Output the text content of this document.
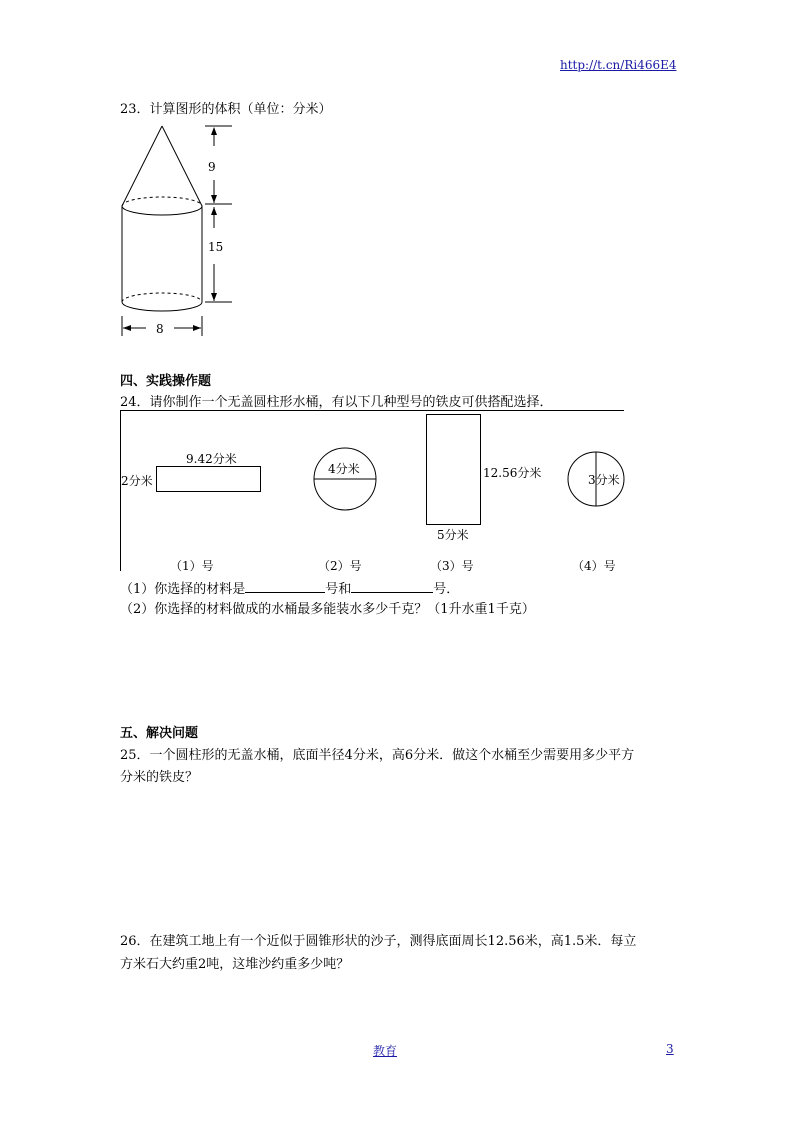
http://t.cn/Ri466E4
23．计算图形的体积（单位：分米）
9
15
8
四、实践操作题
24．请你制作一个无盖圆柱形水桶，有以下几种型号的铁皮可供搭配选择．
9.42分米
2分米
4分米	12.56分米
5分米
3分米
（1）号	（2）号	（3）号	（4）号
（1）你选择的材料是	号和	号．
（2）你选择的材料做成的水桶最多能装水多少千克？（1升水重1千克）
五、解决问题
25．一个圆柱形的无盖水桶，底面半径4分米，高6分米．做这个水桶至少需要用多少平方
分米的铁皮？
26．在建筑工地上有一个近似于圆锥形状的沙子，测得底面周长12.56米，高1.5米．每立
方米石大约重2吨，这堆沙约重多少吨？
教育	3
